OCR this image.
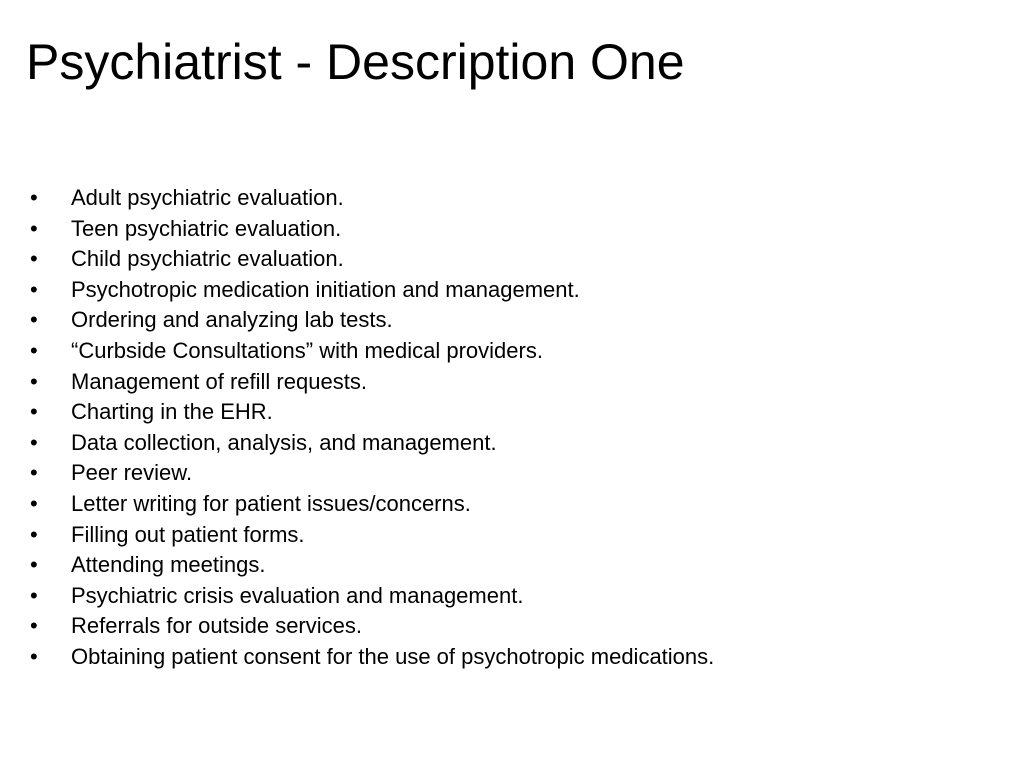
Psychiatrist - Description One
•	Adult psychiatric evaluation.
•	Teen psychiatric evaluation.
•	Child psychiatric evaluation.
•	Psychotropic medication initiation and management.
•	Ordering and analyzing lab tests.
•	“Curbside Consultations” with medical providers.
•	Management of refill requests.
•	Charting in the EHR.
•	Data collection, analysis, and management.
•	Peer review.
•	Letter writing for patient issues/concerns.
•	Filling out patient forms.
•	Attending meetings.
•	Psychiatric crisis evaluation and management.
•	Referrals for outside services.
•	Obtaining patient consent for the use of psychotropic medications.
